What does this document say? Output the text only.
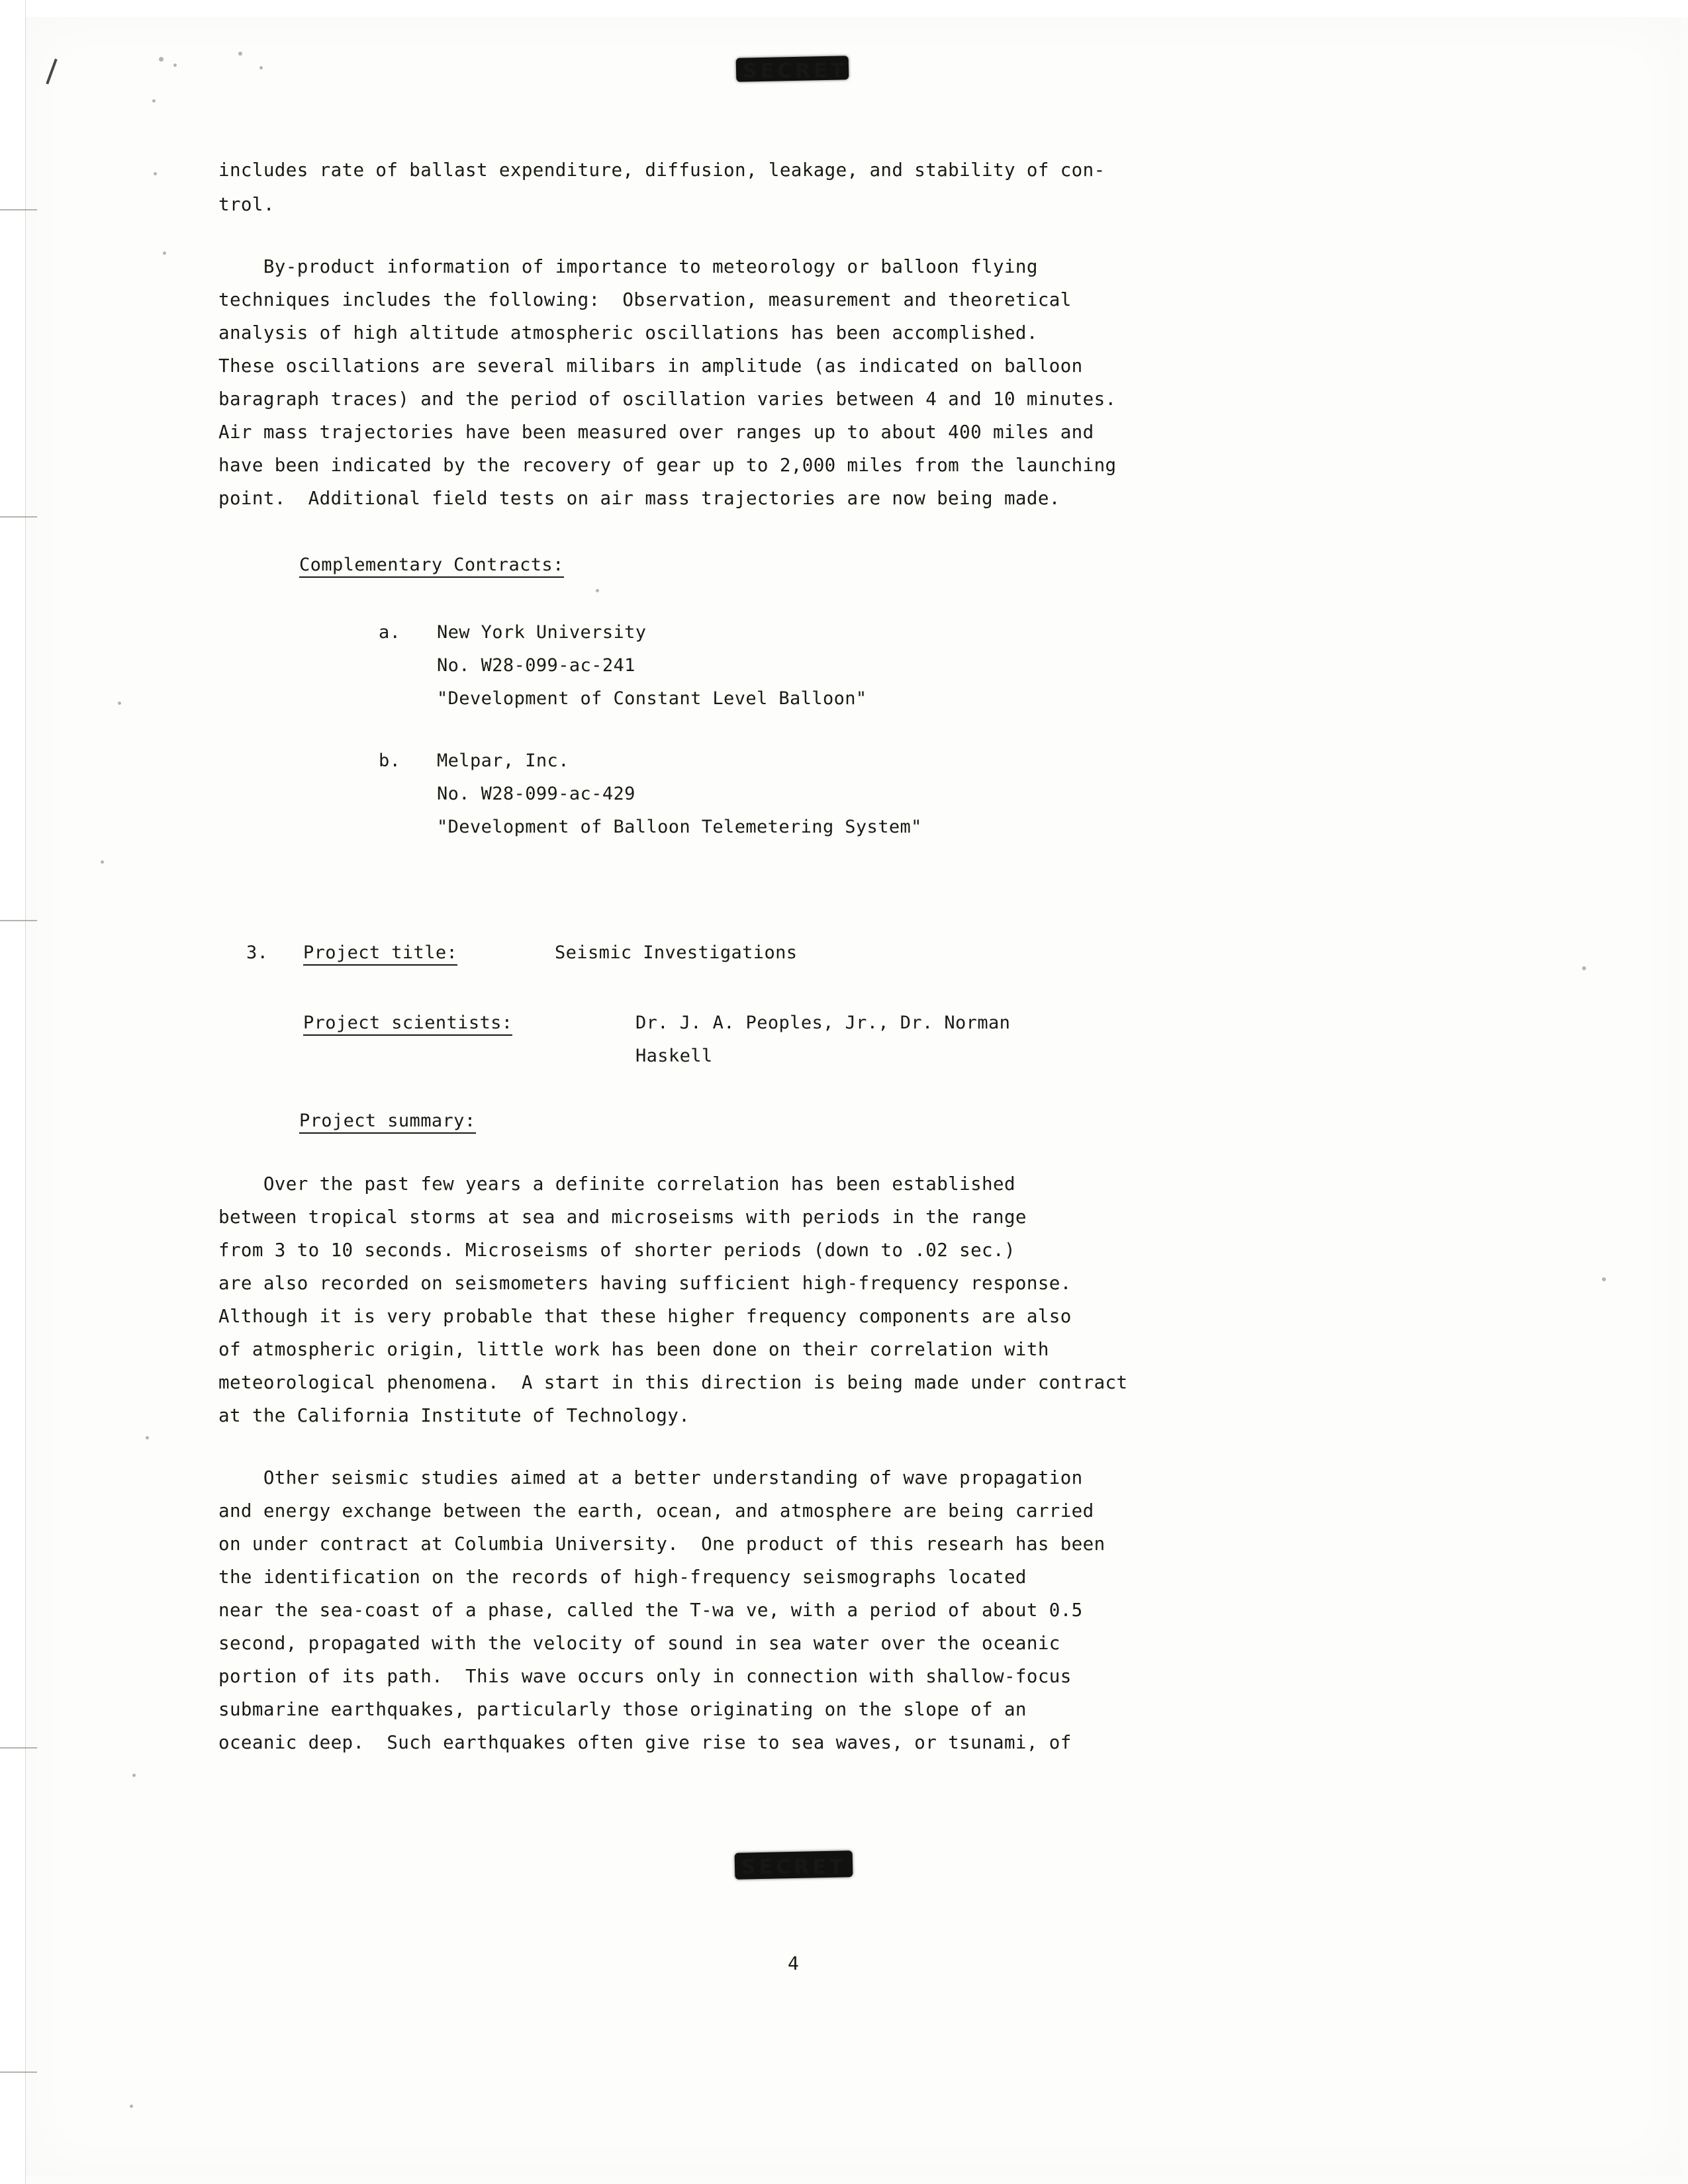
SECRET
SECRET
includes rate of ballast expenditure, diffusion, leakage, and stability of con-
trol.
By-product information of importance to meteorology or balloon flying
techniques includes the following:  Observation, measurement and theoretical
analysis of high altitude atmospheric oscillations has been accomplished.
These oscillations are several milibars in amplitude (as indicated on balloon
baragraph traces) and the period of oscillation varies between 4 and 10 minutes.
Air mass trajectories have been measured over ranges up to about 400 miles and
have been indicated by the recovery of gear up to 2,000 miles from the launching
point.  Additional field tests on air mass trajectories are now being made.
Complementary Contracts:
a. New York University
No. W28-099-ac-241
"Development of Constant Level Balloon"
b. Melpar, Inc.
No. W28-099-ac-429
"Development of Balloon Telemetering System"
3. Project title:	Seismic Investigations
Project scientists:	Dr. J. A. Peoples, Jr., Dr. Norman
Haskell
Project summary:
Over the past few years a definite correlation has been established
between tropical storms at sea and microseisms with periods in the range
from 3 to 10 seconds. Microseisms of shorter periods (down to .02 sec.)
are also recorded on seismometers having sufficient high-frequency response.
Although it is very probable that these higher frequency components are also
of atmospheric origin, little work has been done on their correlation with
meteorological phenomena.  A start in this direction is being made under contract
at the California Institute of Technology.
Other seismic studies aimed at a better understanding of wave propagation
and energy exchange between the earth, ocean, and atmosphere are being carried
on under contract at Columbia University.  One product of this researh has been
the identification on the records of high-frequency seismographs located
near the sea-coast of a phase, called the T-wa ve, with a period of about 0.5
second, propagated with the velocity of sound in sea water over the oceanic
portion of its path.  This wave occurs only in connection with shallow-focus
submarine earthquakes, particularly those originating on the slope of an
oceanic deep.  Such earthquakes often give rise to sea waves, or tsunami, of
4
